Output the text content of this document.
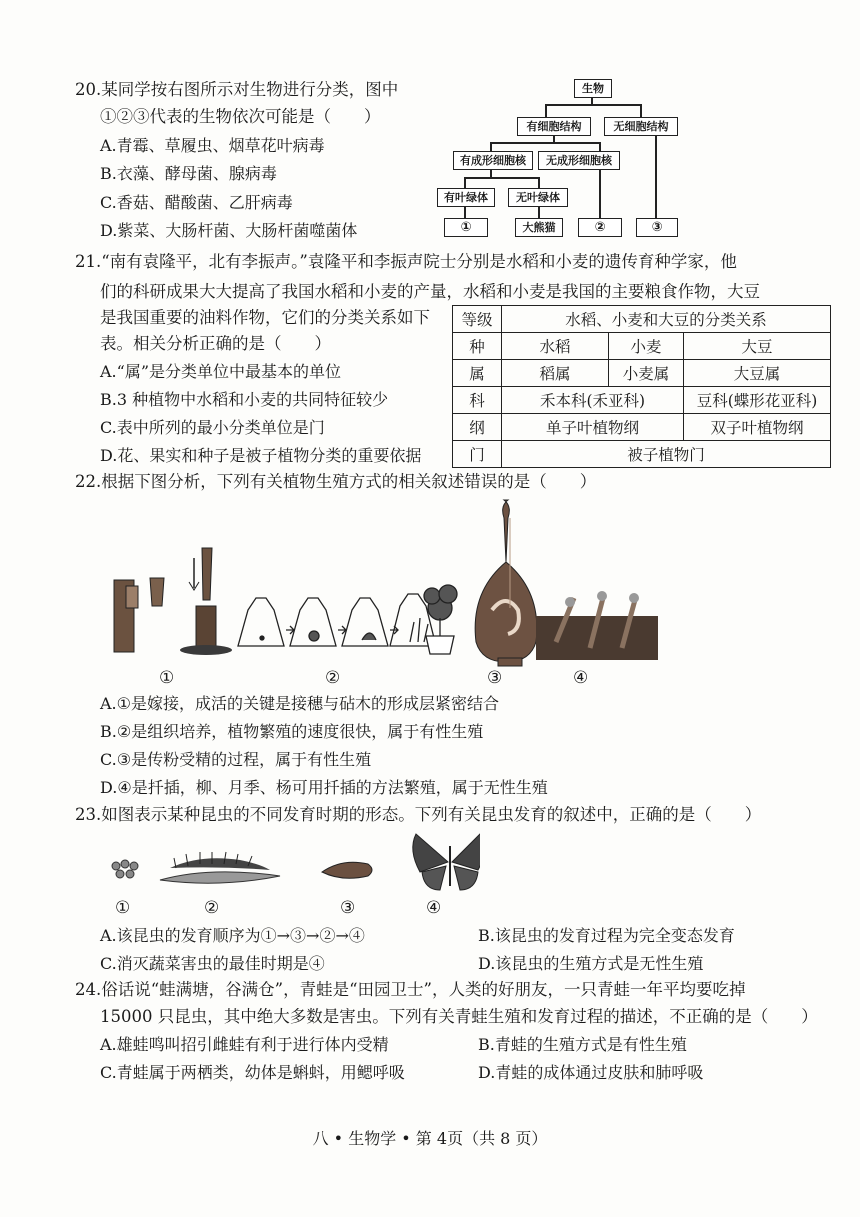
20.某同学按右图所示对生物进行分类，图中
①②③代表的生物依次可能是（　　）
A.青霉、草履虫、烟草花叶病毒
B.衣藻、酵母菌、腺病毒
C.香菇、醋酸菌、乙肝病毒
D.紫菜、大肠杆菌、大肠杆菌噬菌体
生物
有细胞结构	无细胞结构
有成形细胞核	无成形细胞核
有叶绿体	无叶绿体
①	大熊猫	②	③
21.“南有袁隆平，北有李振声。”袁隆平和李振声院士分别是水稻和小麦的遗传育种学家，他
们的科研成果大大提高了我国水稻和小麦的产量，水稻和小麦是我国的主要粮食作物，大豆
是我国重要的油料作物，它们的分类关系如下
表。相关分析正确的是（　　）
A.“属”是分类单位中最基本的单位
B.3 种植物中水稻和小麦的共同特征较少
C.表中所列的最小分类单位是门
D.花、果实和种子是被子植物分类的重要依据
等级	水稻、小麦和大豆的分类关系		
种	水稻	小麦	大豆
属	稻属	小麦属	大豆属
科	禾本科(禾亚科)		豆科(蝶形花亚科)
纲	单子叶植物纲		双子叶植物纲
门	被子植物门		
22.根据下图分析，下列有关植物生殖方式的相关叙述错误的是（　　）
①	②	③	④
A.①是嫁接，成活的关键是接穗与砧木的形成层紧密结合
B.②是组织培养，植物繁殖的速度很快，属于有性生殖
C.③是传粉受精的过程，属于有性生殖
D.④是扦插，柳、月季、杨可用扦插的方法繁殖，属于无性生殖
23.如图表示某种昆虫的不同发育时期的形态。下列有关昆虫发育的叙述中，正确的是（　　）
①	②	③	④
A.该昆虫的发育顺序为①→③→②→④	B.该昆虫的发育过程为完全变态发育
C.消灭蔬菜害虫的最佳时期是④	D.该昆虫的生殖方式是无性生殖
24.俗话说“蛙满塘，谷满仓”，青蛙是“田园卫士”，人类的好朋友，一只青蛙一年平均要吃掉
15000 只昆虫，其中绝大多数是害虫。下列有关青蛙生殖和发育过程的描述，不正确的是（　　）
A.雄蛙鸣叫招引雌蛙有利于进行体内受精	B.青蛙的生殖方式是有性生殖
C.青蛙属于两栖类，幼体是蝌蚪，用鳃呼吸	D.青蛙的成体通过皮肤和肺呼吸
八 • 生物学 • 第 4页（共 8 页）
